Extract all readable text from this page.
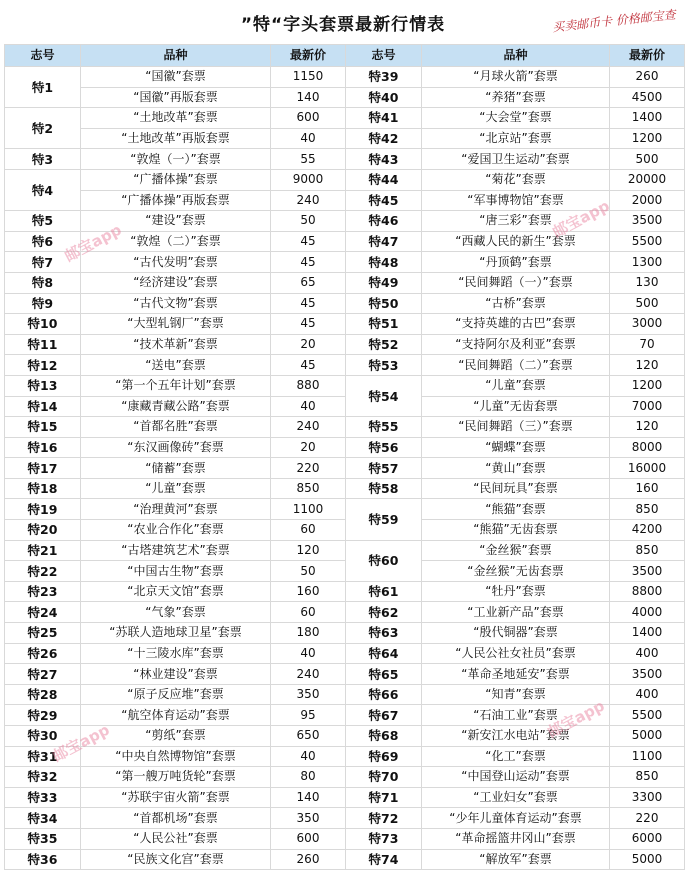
”特“字头套票最新行情表	买卖邮币卡 价格邮宝查
志号	品种	最新价	志号	品种	最新价
特1	“国徽”套票	1150	特39	“月球火箭”套票	260
	“国徽”再版套票	140	特40	“养猪”套票	4500
特2	“土地改革”套票	600	特41	“大会堂”套票	1400
	“土地改革”再版套票	40	特42	“北京站”套票	1200
特3	“敦煌（一）”套票	55	特43	“爱国卫生运动”套票	500
特4	“广播体操”套票	9000	特44	“菊花”套票	20000
	“广播体操”再版套票	240	特45	“军事博物馆”套票	2000
特5	“建设”套票	50	特46	“唐三彩”套票	3500
特6	“敦煌（二）”套票	45	特47	“西藏人民的新生”套票	5500
特7	“古代发明”套票	45	特48	“丹顶鹤”套票	1300
特8	“经济建设”套票	65	特49	“民间舞蹈（一）”套票	130
特9	“古代文物”套票	45	特50	“古桥”套票	500
特10	“大型轧钢厂”套票	45	特51	“支持英雄的古巴”套票	3000
特11	“技术革新”套票	20	特52	“支持阿尔及利亚”套票	70
特12	“送电”套票	45	特53	“民间舞蹈（二）”套票	120
特13	“第一个五年计划”套票	880	特54	“儿童”套票	1200
特14	“康藏青藏公路”套票	40		“儿童”无齿套票	7000
特15	“首都名胜”套票	240	特55	“民间舞蹈（三）”套票	120
特16	“东汉画像砖”套票	20	特56	“蝴蝶”套票	8000
特17	“储蓄”套票	220	特57	“黄山”套票	16000
特18	“儿童”套票	850	特58	“民间玩具”套票	160
特19	“治理黄河”套票	1100	特59	“熊猫”套票	850
特20	“农业合作化”套票	60		“熊猫”无齿套票	4200
特21	“古塔建筑艺术”套票	120	特60	“金丝猴”套票	850
特22	“中国古生物”套票	50		“金丝猴”无齿套票	3500
特23	“北京天文馆”套票	160	特61	“牡丹”套票	8800
特24	“气象”套票	60	特62	“工业新产品”套票	4000
特25	“苏联人造地球卫星”套票	180	特63	“殷代铜器”套票	1400
特26	“十三陵水库”套票	40	特64	“人民公社女社员”套票	400
特27	“林业建设”套票	240	特65	“革命圣地延安”套票	3500
特28	“原子反应堆”套票	350	特66	“知青”套票	400
特29	“航空体育运动”套票	95	特67	“石油工业”套票	5500
特30	“剪纸”套票	650	特68	“新安江水电站”套票	5000
特31	“中央自然博物馆”套票	40	特69	“化工”套票	1100
特32	“第一艘万吨货轮”套票	80	特70	“中国登山运动”套票	850
特33	“苏联宇宙火箭”套票	140	特71	“工业妇女”套票	3300
特34	“首都机场”套票	350	特72	“少年儿童体育运动”套票	220
特35	“人民公社”套票	600	特73	“革命摇篮井冈山”套票	6000
特36	“民族文化宫”套票	260	特74	“解放军”套票	5000
邮宝app
邮宝app
邮宝app
邮宝app
